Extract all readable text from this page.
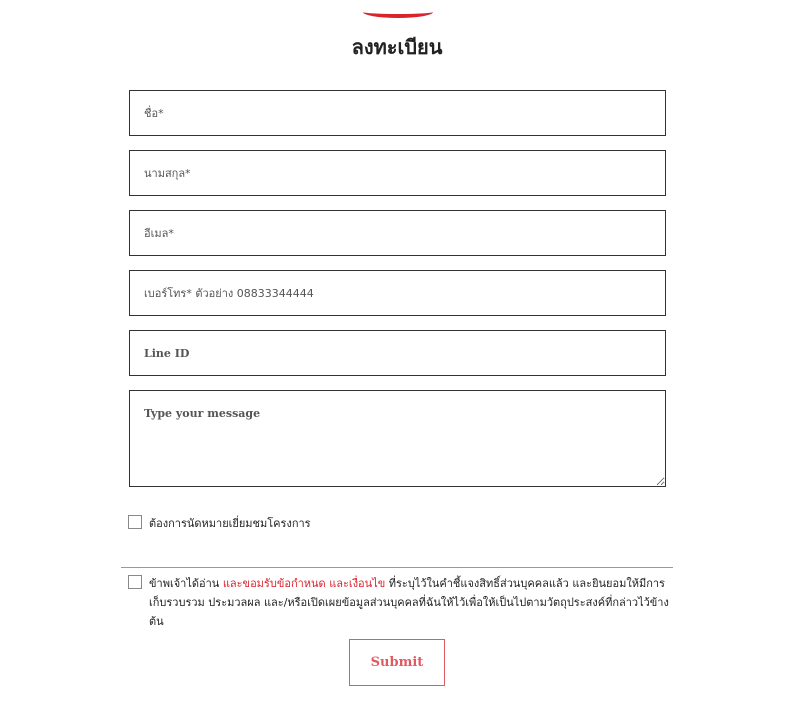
ลงทะเบียน
ชื่อ*
นามสกุล*
อีเมล*
เบอร์โทร* ตัวอย่าง 08833344444
Line ID
Type your message
ต้องการนัดหมายเยี่ยมชมโครงการ
ข้าพเจ้าได้อ่าน และขอมรับข้อกำหนด และเงื่อนไข ที่ระบุไว้ในคำชี้แจงสิทธิ์ส่วนบุคคลแล้ว และยินยอมให้มีการเก็บรวบรวม ประมวลผล และ/หรือเปิดเผยข้อมูลส่วนบุคคลที่ฉันให้ไว้เพื่อให้เป็นไปตามวัตถุประสงค์ที่กล่าวไว้ข้างต้น
Submit
